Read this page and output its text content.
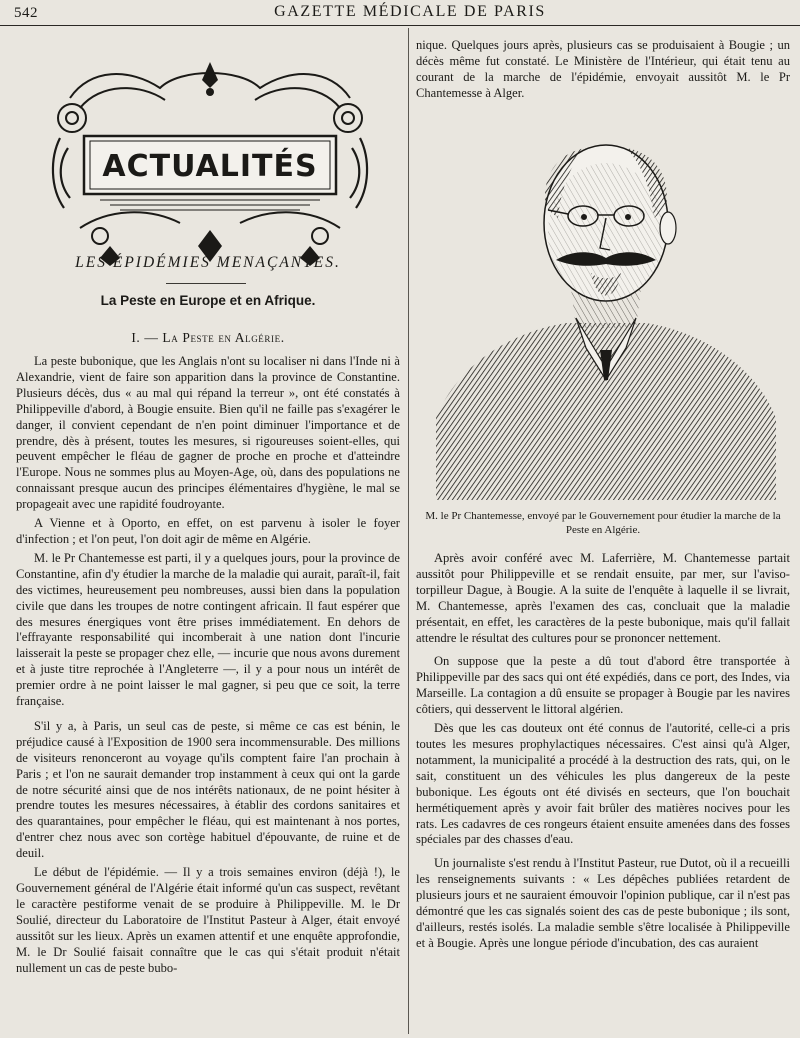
542	GAZETTE MÉDICALE DE PARIS
ACTUALITÉS
LES ÉPIDÉMIES MENAÇANTES.
La Peste en Europe et en Afrique.
I. — La Peste en Algérie.

La peste bubonique, que les Anglais n'ont su localiser ni dans l'Inde ni à Alexandrie, vient de faire son apparition dans la province de Constantine. Plusieurs décès, dus « au mal qui répand la terreur », ont été constatés à Philippeville d'abord, à Bougie ensuite. Bien qu'il ne faille pas s'exagérer le danger, il convient cependant de n'en point diminuer l'importance et de prendre, dès à présent, toutes les mesures, si rigoureuses soient-elles, qui peuvent empêcher le fléau de gagner de proche en proche et d'atteindre l'Europe. Nous ne sommes plus au Moyen-Age, où, dans des populations ne connaissant presque aucun des principes élémentaires d'hygiène, le mal se propageait avec une rapidité foudroyante.

A Vienne et à Oporto, en effet, on est parvenu à isoler le foyer d'infection ; et l'on peut, l'on doit agir de même en Algérie.

M. le Pr Chantemesse est parti, il y a quelques jours, pour la province de Constantine, afin d'y étudier la marche de la maladie qui aurait, paraît-il, fait des victimes, heureusement peu nombreuses, aussi bien dans la population civile que dans les troupes de notre contingent africain. Il faut espérer que des mesures énergiques vont être prises immédiatement. En dehors de l'effrayante responsabilité qui incomberait à une nation dont l'incurie laisserait la peste se propager chez elle, — incurie que nous avons durement et à juste titre reprochée à l'Angleterre —, il y a pour nous un intérêt de premier ordre à ne point laisser le mal gagner, si peu que ce soit, la terre française.

S'il y a, à Paris, un seul cas de peste, si même ce cas est bénin, le préjudice causé à l'Exposition de 1900 sera incommensurable. Des millions de visiteurs renonceront au voyage qu'ils comptent faire l'an prochain à Paris ; et l'on ne saurait demander trop instamment à ceux qui ont la garde de notre sécurité ainsi que de nos intérêts nationaux, de ne point hésiter à prendre toutes les mesures nécessaires, à établir des cordons sanitaires et des quarantaines, pour empêcher le fléau, qui est maintenant à nos portes, d'entrer chez nous avec son cortège habituel d'épouvante, de ruine et de deuil.

Le début de l'épidémie. — Il y a trois semaines environ (déjà !), le Gouvernement général de l'Algérie était informé qu'un cas suspect, revêtant le caractère pestiforme venait de se produire à Philippeville. M. le Dr Soulié, directeur du Laboratoire de l'Institut Pasteur à Alger, était envoyé aussitôt sur les lieux. Après un examen attentif et une enquête approfondie, M. le Dr Soulié faisait connaître que le cas qui s'était produit n'était nullement un cas de peste bubo-

nique. Quelques jours après, plusieurs cas se produisaient à Bougie ; un décès même fut constaté. Le Ministère de l'Intérieur, qui était tenu au courant de la marche de l'épidémie, envoyait aussitôt M. le Pr Chantemesse à Alger.
M. le Pr Chantemesse, envoyé par le Gouvernement pour étudier la marche de la Peste en Algérie.

Après avoir conféré avec M. Laferrière, M. Chantemesse partait aussitôt pour Philippeville et se rendait ensuite, par mer, sur l'aviso-torpilleur Dague, à Bougie. A la suite de l'enquête à laquelle il se livrait, M. Chantemesse, après l'examen des cas, concluait que la maladie présentait, en effet, les caractères de la peste bubonique, mais qu'il fallait attendre le résultat des cultures pour se prononcer nettement.

On suppose que la peste a dû tout d'abord être transportée à Philippeville par des sacs qui ont été expédiés, dans ce port, des Indes, via Marseille. La contagion a dû ensuite se propager à Bougie par les navires côtiers, qui desservent le littoral algérien.

Dès que les cas douteux ont été connus de l'autorité, celle-ci a pris toutes les mesures prophylactiques nécessaires. C'est ainsi qu'à Alger, notamment, la municipalité a procédé à la destruction des rats, qui, on le sait, constituent un des véhicules les plus dangereux de la peste bubonique. Les égouts ont été divisés en secteurs, que l'on bouchait hermétiquement après y avoir fait brûler des matières nocives pour les rats. Les cadavres de ces rongeurs étaient ensuite amenées dans des fosses spéciales par des chasses d'eau.

Un journaliste s'est rendu à l'Institut Pasteur, rue Dutot, où il a recueilli les renseignements suivants : « Les dépêches publiées retardent de plusieurs jours et ne sauraient émouvoir l'opinion publique, car il n'est pas démontré que les cas signalés soient des cas de peste bubonique ; ils sont, d'ailleurs, restés isolés. La maladie semble s'être localisée à Philippeville et à Bougie. Après une longue période d'incubation, des cas auraient
